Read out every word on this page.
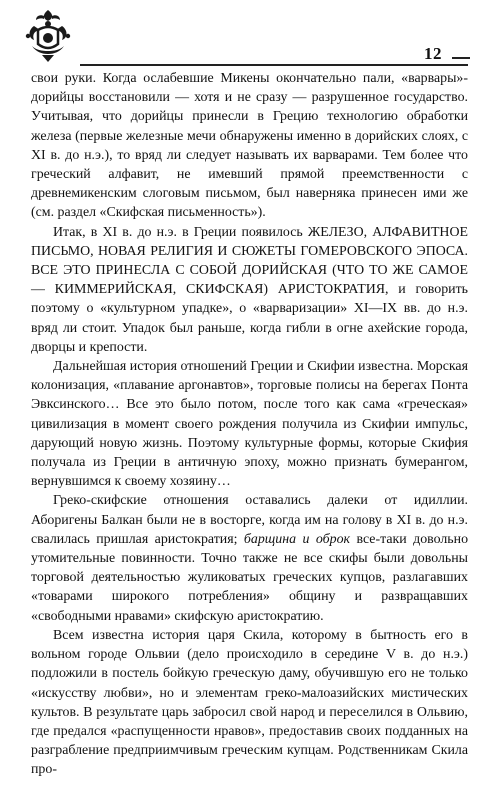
12

свои руки. Когда ослабевшие Микены окончательно пали, «варвары»-дорийцы восстановили — хотя и не сразу — разрушенное государство. Учитывая, что дорийцы принесли в Грецию технологию обработки железа (первые железные мечи обнаружены именно в дорийских слоях, с XI в. до н.э.), то вряд ли следует называть их варварами. Тем более что греческий алфавит, не имевший прямой преемственности с древнемикенским слоговым письмом, был наверняка принесен ими же (см. раздел «Скифская письменность»).

Итак, в XI в. до н.э. в Греции появилось ЖЕЛЕЗО, АЛФАВИТНОЕ ПИСЬМО, НОВАЯ РЕЛИГИЯ И СЮЖЕТЫ ГОМЕРОВСКОГО ЭПОСА. ВСЕ ЭТО ПРИНЕСЛА С СОБОЙ ДОРИЙСКАЯ (ЧТО ТО ЖЕ САМОЕ — КИММЕРИЙСКАЯ, СКИФСКАЯ) АРИСТОКРАТИЯ, и говорить поэтому о «культурном упадке», о «варваризации» XI—IX вв. до н.э. вряд ли стоит. Упадок был раньше, когда гибли в огне ахейские города, дворцы и крепости.

Дальнейшая история отношений Греции и Скифии известна. Морская колонизация, «плавание аргонавтов», торговые полисы на берегах Понта Эвксинского… Все это было потом, после того как сама «греческая» цивилизация в момент своего рождения получила из Скифии импульс, дарующий новую жизнь. Поэтому культурные формы, которые Скифия получала из Греции в античную эпоху, можно признать бумерангом, вернувшимся к своему хозяину…

Греко-скифские отношения оставались далеки от идиллии. Аборигены Балкан были не в восторге, когда им на голову в XI в. до н.э. свалилась пришлая аристократия; барщина и оброк все-таки довольно утомительные повинности. Точно также не все скифы были довольны торговой деятельностью жуликоватых греческих купцов, разлагавших «товарами широкого потребления» общину и развращавших «свободными нравами» скифскую аристократию.

Всем известна история царя Скила, которому в бытность его в вольном городе Ольвии (дело происходило в середине V в. до н.э.) подложили в постель бойкую греческую даму, обучившую его не только «искусству любви», но и элементам греко-малоазийских мистических культов. В результате царь забросил свой народ и переселился в Ольвию, где предался «распущенности нравов», предоставив своих подданных на разграбление предприимчивым греческим купцам. Родственникам Скила про-
